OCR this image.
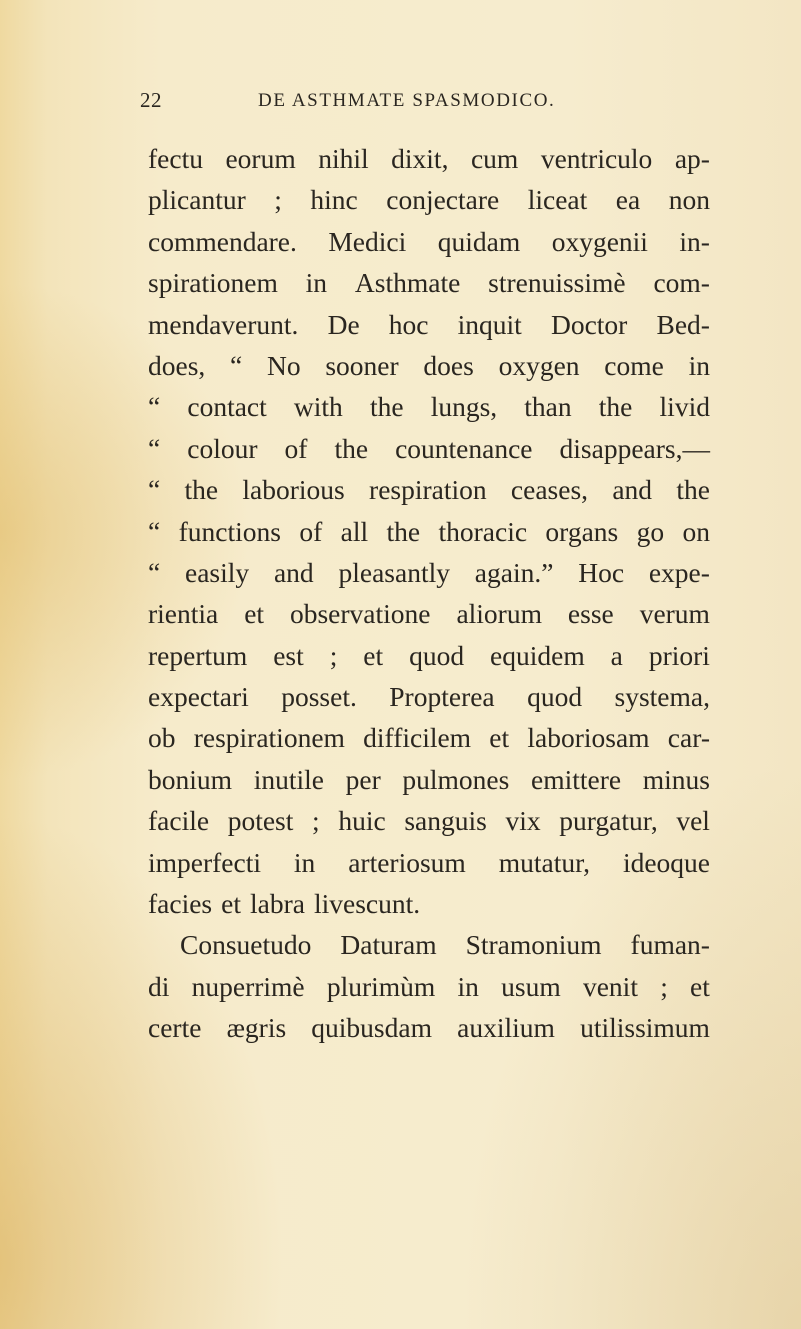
22	DE ASTHMATE SPASMODICO.
fectu eorum nihil dixit, cum ventriculo ap-
plicantur ; hinc conjectare liceat ea non
commendare. Medici quidam oxygenii in-
spirationem in Asthmate strenuissimè com-
mendaverunt. De hoc inquit Doctor Bed-
does, “ No sooner does oxygen come in
“ contact with the lungs, than the livid
“ colour of the countenance disappears,—
“ the laborious respiration ceases, and the
“ functions of all the thoracic organs go on
“ easily and pleasantly again.” Hoc expe-
rientia et observatione aliorum esse verum
repertum est ; et quod equidem a priori
expectari posset. Propterea quod systema,
ob respirationem difficilem et laboriosam car-
bonium inutile per pulmones emittere minus
facile potest ; huic sanguis vix purgatur, vel
imperfecti in arteriosum mutatur, ideoque
facies et labra livescunt.
Consuetudo Daturam Stramonium fuman-
di nuperrimè plurimùm in usum venit ; et
certe ægris quibusdam auxilium utilissimum
